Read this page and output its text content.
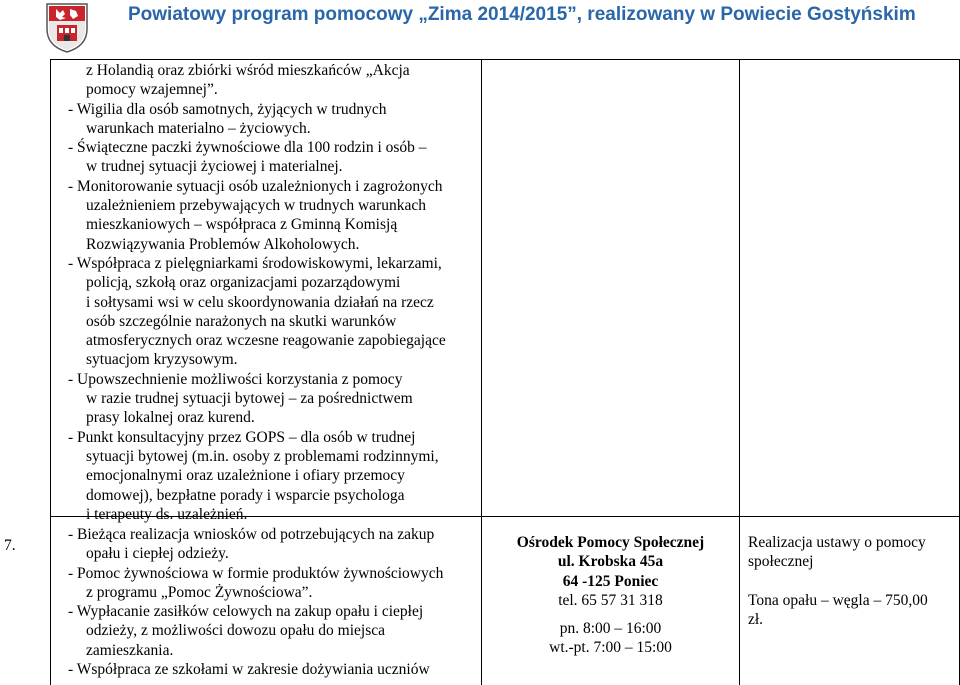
Powiatowy program pomocowy „Zima 2014/2015”, realizowany w Powiecie Gostyńskim
z Holandią oraz zbiórki wśród mieszkańców „Akcja
pomocy wzajemnej”.
- Wigilia dla osób samotnych, żyjących w trudnych
warunkach materialno – życiowych.
- Świąteczne paczki żywnościowe dla 100 rodzin i osób –
w trudnej sytuacji życiowej i materialnej.
- Monitorowanie sytuacji osób uzależnionych i zagrożonych
uzależnieniem przebywających w trudnych warunkach
mieszkaniowych – współpraca z Gminną Komisją
Rozwiązywania Problemów Alkoholowych.
- Współpraca z pielęgniarkami środowiskowymi, lekarzami,
policją, szkołą oraz organizacjami pozarządowymi
i sołtysami wsi w celu skoordynowania działań na rzecz
osób szczególnie narażonych na skutki warunków
atmosferycznych oraz wczesne reagowanie zapobiegające
sytuacjom kryzysowym.
- Upowszechnienie możliwości korzystania z pomocy
w razie trudnej sytuacji bytowej – za pośrednictwem
prasy lokalnej oraz kurend.
- Punkt konsultacyjny przez GOPS – dla osób w trudnej
sytuacji bytowej (m.in. osoby z problemami rodzinnymi,
emocjonalnymi oraz uzależnione i ofiary przemocy
domowej), bezpłatne porady i wsparcie psychologa
i terapeuty ds. uzależnień.
7.
- Bieżąca realizacja wniosków od potrzebujących na zakup
opału i ciepłej odzieży.
- Pomoc żywnościowa w formie produktów żywnościowych
z programu „Pomoc Żywnościowa”.
- Wypłacanie zasiłków celowych na zakup opału i ciepłej
odzieży, z możliwości dowozu opału do miejsca
zamieszkania.
- Współpraca ze szkołami w zakresie dożywiania uczniów
Ośrodek Pomocy Społecznej
ul. Krobska 45a
64 -125 Poniec
tel. 65 57 31 318
pn. 8:00 – 16:00
wt.-pt. 7:00 – 15:00
Realizacja ustawy o pomocy
społecznej
Tona opału – węgla – 750,00
zł.
